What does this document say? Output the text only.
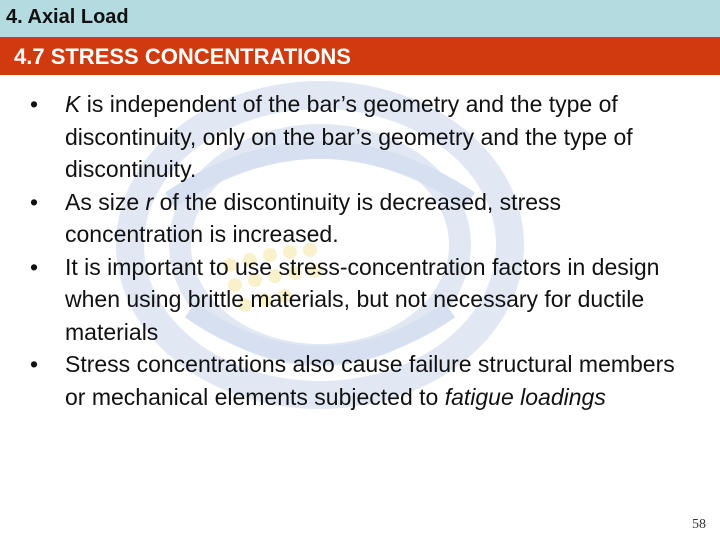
4. Axial Load
4.7 STRESS CONCENTRATIONS
• K is independent of the bar’s geometry and the type of discontinuity, only on the bar’s geometry and the type of discontinuity.
• As size r of the discontinuity is decreased, stress concentration is increased.
• It is important to use stress-concentration factors in design when using brittle materials, but not necessary for ductile materials
• Stress concentrations also cause failure structural members or mechanical elements subjected to fatigue loadings
58
